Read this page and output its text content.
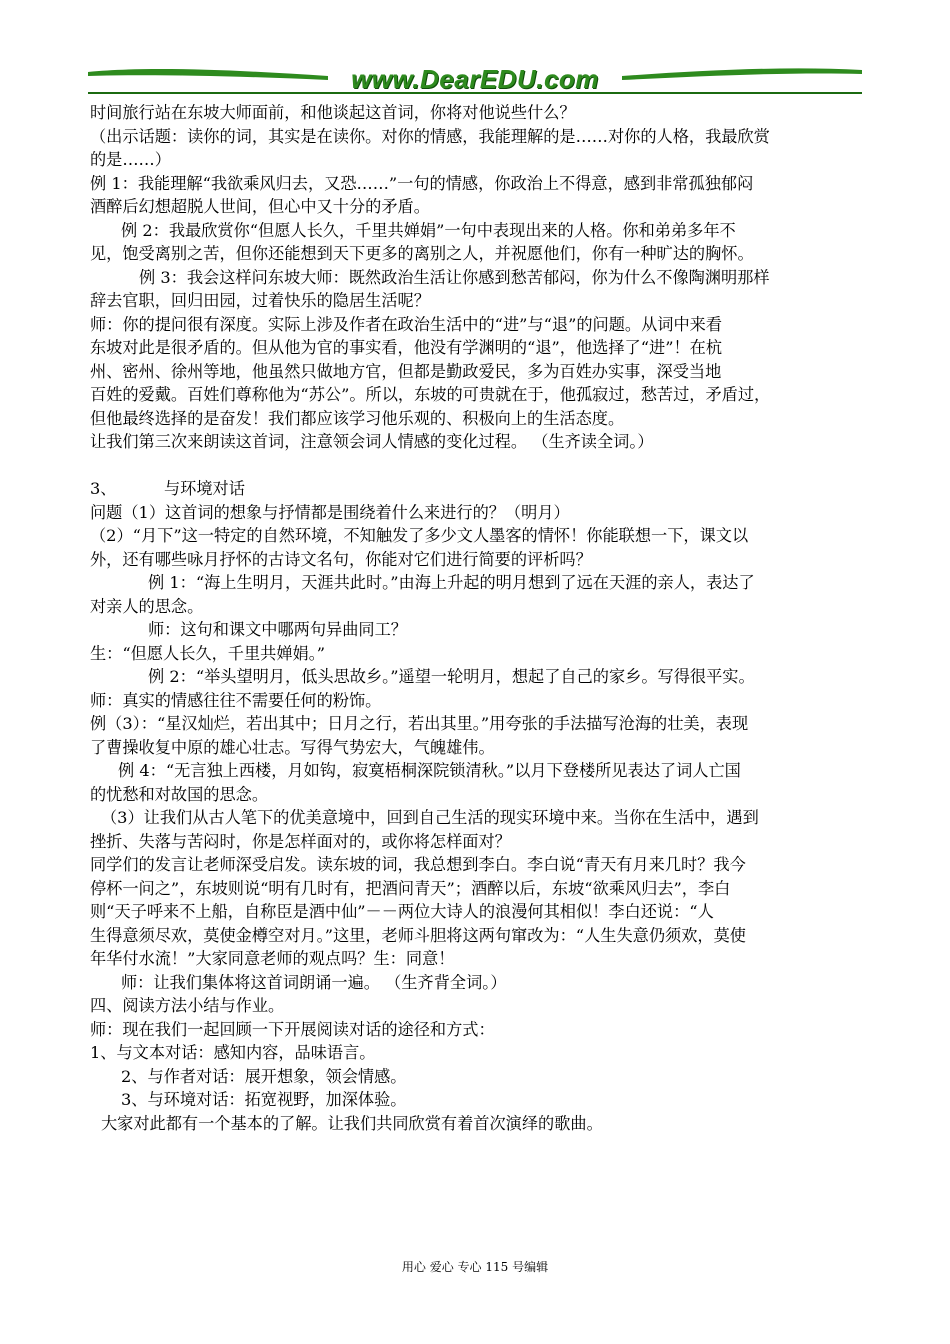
www.DearEDU.com
时间旅行站在东坡大师面前，和他谈起这首词，你将对他说些什么？
（出示话题：读你的词，其实是在读你。对你的情感，我能理解的是……对你的人格，我最欣赏
的是……）
例 1：我能理解“我欲乘风归去，又恐……”一句的情感，你政治上不得意，感到非常孤独郁闷
酒醉后幻想超脱人世间，但心中又十分的矛盾。
例 2：我最欣赏你“但愿人长久，千里共婵娟”一句中表现出来的人格。你和弟弟多年不
见，饱受离别之苦，但你还能想到天下更多的离别之人，并祝愿他们，你有一种旷达的胸怀。
例 3：我会这样问东坡大师：既然政治生活让你感到愁苦郁闷，你为什么不像陶渊明那样
辞去官职，回归田园，过着快乐的隐居生活呢？
师：你的提问很有深度。实际上涉及作者在政治生活中的“进”与“退”的问题。从词中来看
东坡对此是很矛盾的。但从他为官的事实看，他没有学渊明的“退”，他选择了“进”！在杭
州、密州、徐州等地，他虽然只做地方官，但都是勤政爱民，多为百姓办实事，深受当地
百姓的爱戴。百姓们尊称他为“苏公”。所以，东坡的可贵就在于，他孤寂过，愁苦过，矛盾过，
但他最终选择的是奋发！我们都应该学习他乐观的、积极向上的生活态度。
让我们第三次来朗读这首词，注意领会词人情感的变化过程。 （生齐读全词。）
3、	与环境对话
问题（1）这首词的想象与抒情都是围绕着什么来进行的？（明月）
（2）“月下”这一特定的自然环境，不知触发了多少文人墨客的情怀！你能联想一下，课文以
外，还有哪些咏月抒怀的古诗文名句，你能对它们进行简要的评析吗？
例 1：“海上生明月，天涯共此时。”由海上升起的明月想到了远在天涯的亲人，表达了
对亲人的思念。
师：这句和课文中哪两句异曲同工？
生：“但愿人长久，千里共婵娟。”
例 2：“举头望明月，低头思故乡。”遥望一轮明月，想起了自己的家乡。写得很平实。
师：真实的情感往往不需要任何的粉饰。
例（3）：“星汉灿烂，若出其中；日月之行，若出其里。”用夸张的手法描写沧海的壮美，表现
了曹操收复中原的雄心壮志。写得气势宏大，气魄雄伟。
例 4：“无言独上西楼，月如钩，寂寞梧桐深院锁清秋。”以月下登楼所见表达了词人亡国
的忧愁和对故国的思念。
（3）让我们从古人笔下的优美意境中，回到自己生活的现实环境中来。当你在生活中，遇到
挫折、失落与苦闷时，你是怎样面对的，或你将怎样面对？
同学们的发言让老师深受启发。读东坡的词，我总想到李白。李白说“青天有月来几时？我今
停杯一问之”，东坡则说“明有几时有，把酒问青天”；酒醉以后，东坡“欲乘风归去”，李白
则“天子呼来不上船，自称臣是酒中仙”－－两位大诗人的浪漫何其相似！李白还说：“人
生得意须尽欢，莫使金樽空对月。”这里，老师斗胆将这两句窜改为：“人生失意仍须欢，莫使
年华付水流！”大家同意老师的观点吗？生：同意！
师：让我们集体将这首词朗诵一遍。 （生齐背全词。）
四、阅读方法小结与作业。
师：现在我们一起回顾一下开展阅读对话的途径和方式：
1、与文本对话：感知内容，品味语言。
2、与作者对话：展开想象，领会情感。
3、与环境对话：拓宽视野，加深体验。
大家对此都有一个基本的了解。让我们共同欣赏有着首次演绎的歌曲。
用心 爱心 专心 115 号编辑
